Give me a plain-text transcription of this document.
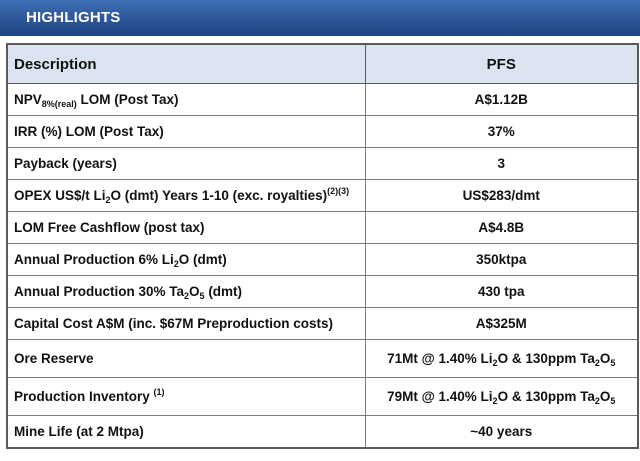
HIGHLIGHTS
Description	PFS
$NPV_{8\%(real)}$ LOM (Post Tax)	A$1.12B
IRR (%) LOM (Post Tax)	37%
Payback (years)	3
OPEX US$/t $Li_2O$ (dmt) Years 1-10 (exc. royalties)$^{(2)(3)}$	US$283/dmt
LOM Free Cashflow (post tax)	A$4.8B
Annual Production 6% $Li_2O$ (dmt)	350ktpa
Annual Production 30% $Ta_2O_5$ (dmt)	430 tpa
Capital Cost A$M (inc. $67M Preproduction costs)	A$325M
Ore Reserve	71Mt @ 1.40% $Li_2O$ & 130ppm $Ta_2O_5$
Production Inventory $^{(1)}$	79Mt @ 1.40% $Li_2O$ & 130ppm $Ta_2O_5$
Mine Life (at 2 Mtpa)	~40 years
